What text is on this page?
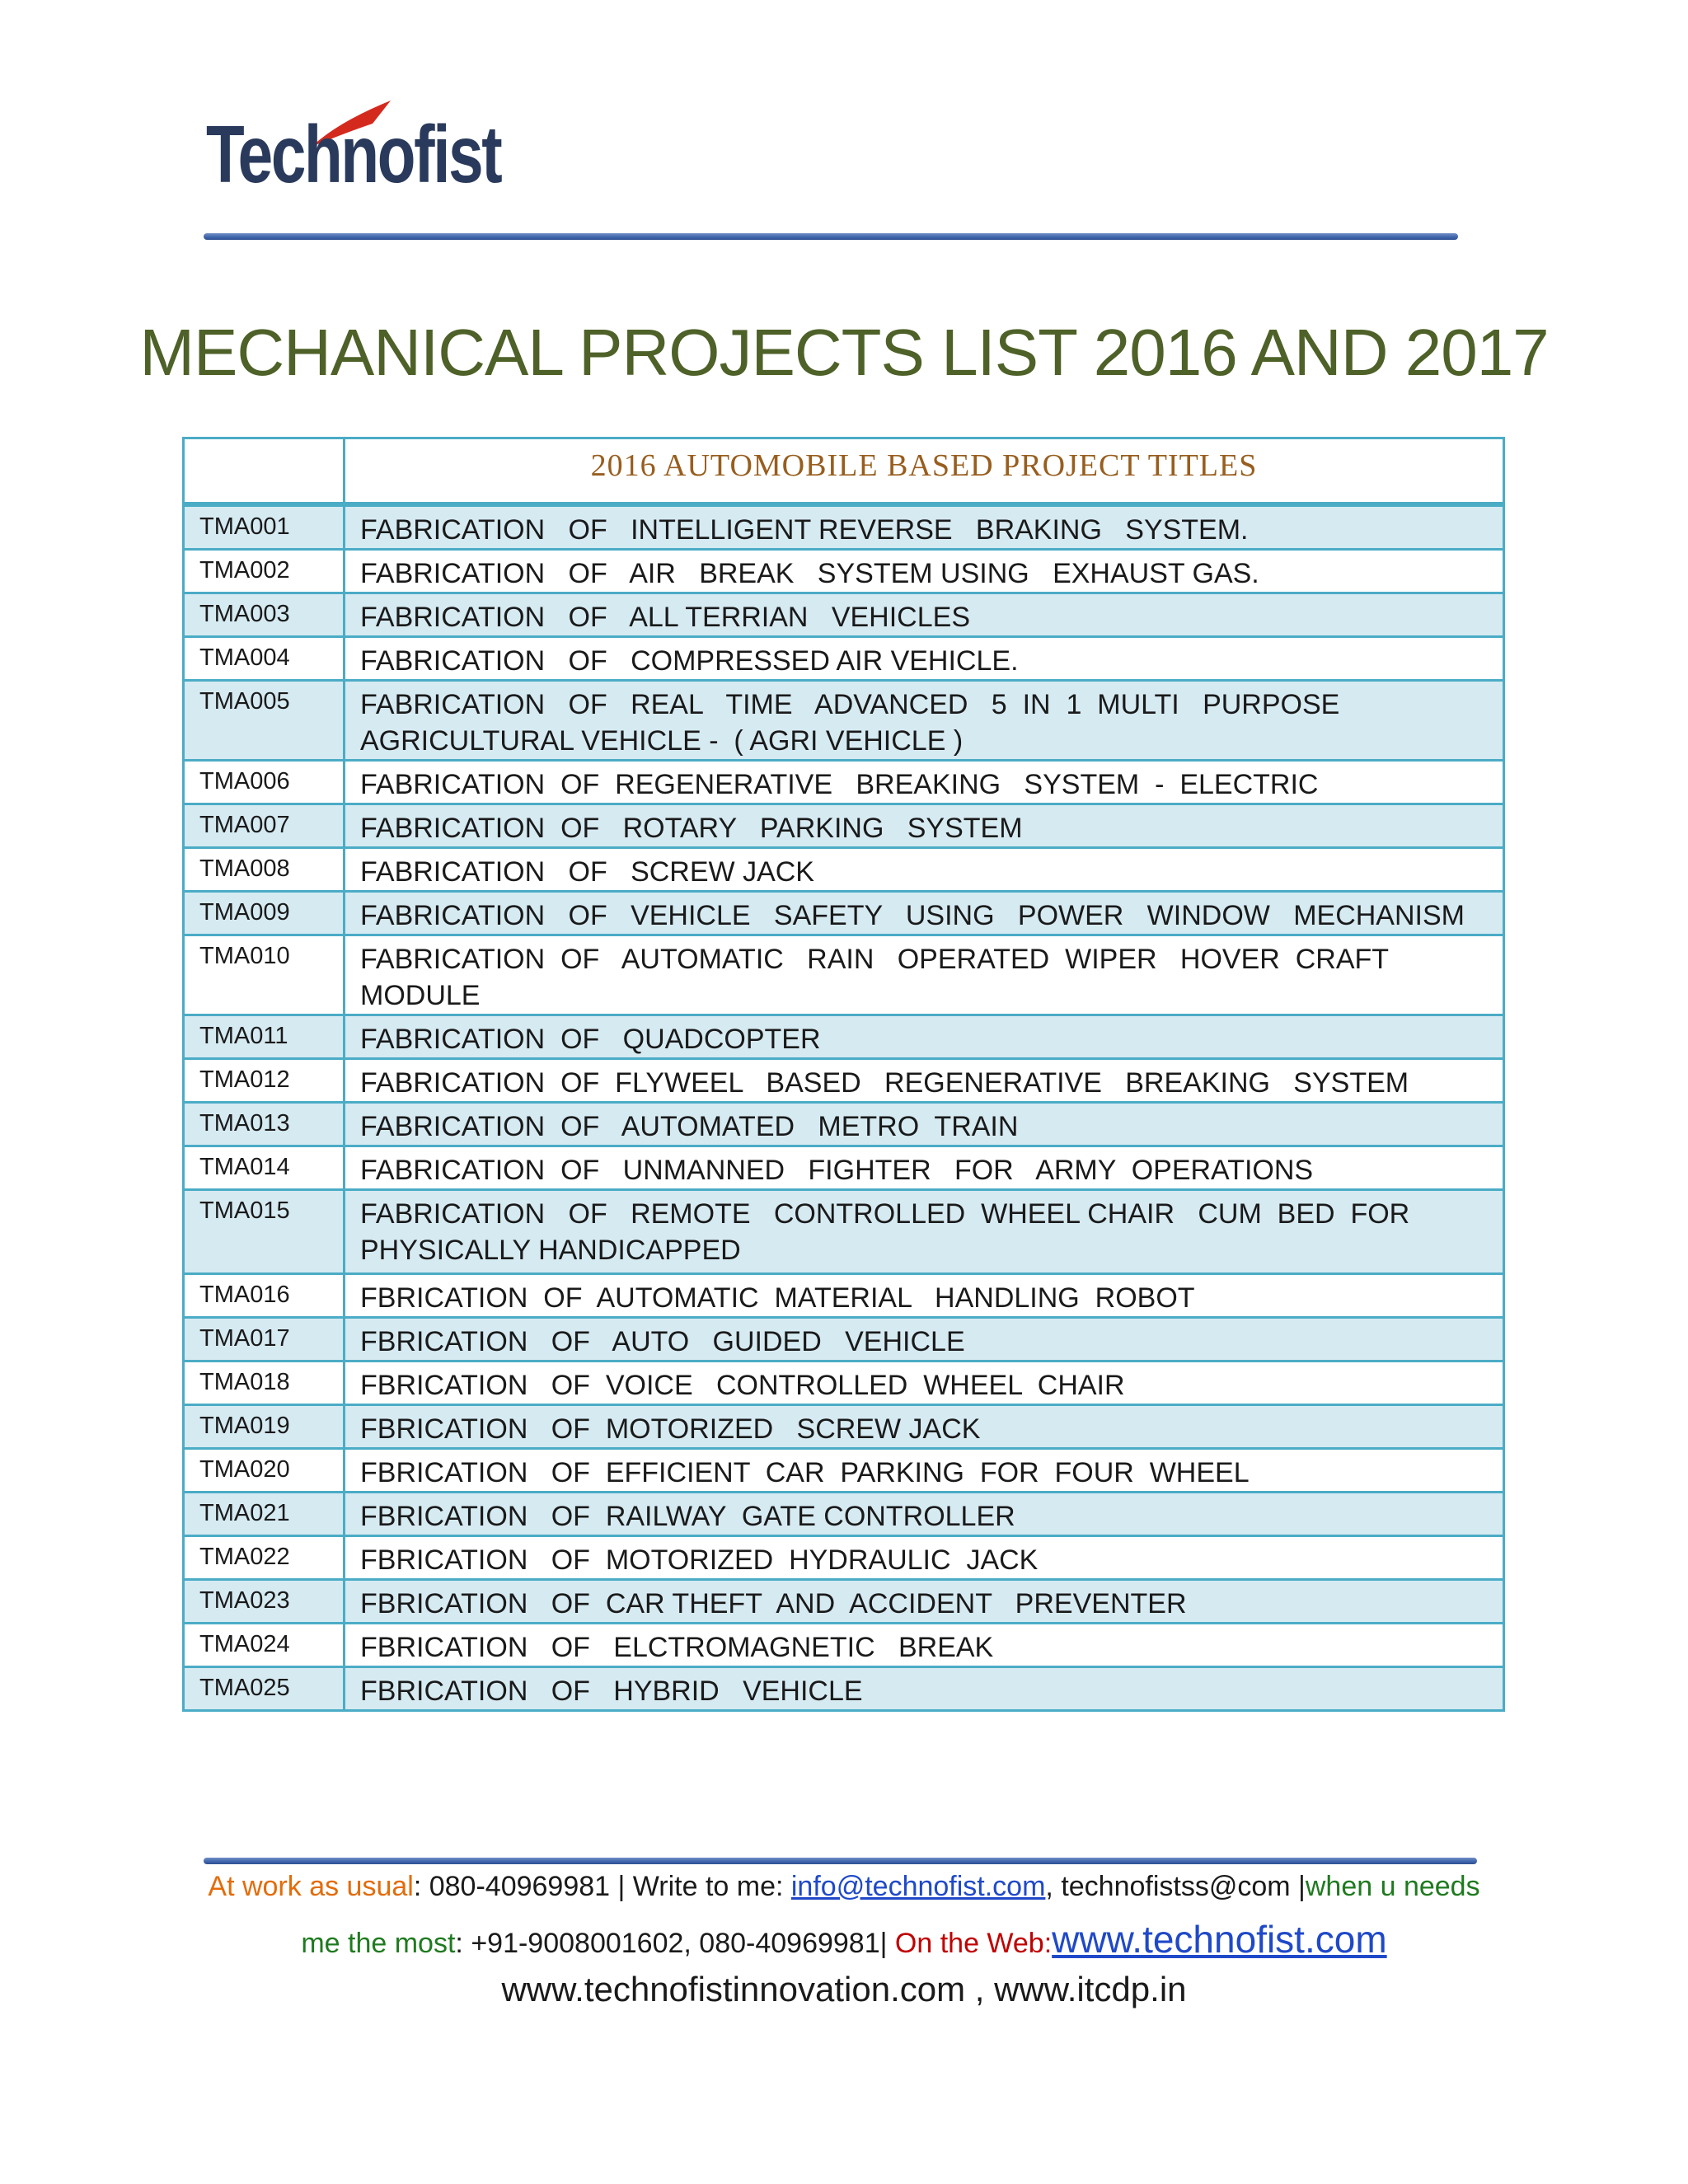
Technofist
MECHANICAL PROJECTS LIST 2016 AND 2017
	2016 AUTOMOBILE BASED PROJECT TITLES
TMA001	FABRICATION   OF   INTELLIGENT REVERSE   BRAKING   SYSTEM.
TMA002	FABRICATION   OF   AIR   BREAK   SYSTEM USING   EXHAUST GAS.
TMA003	FABRICATION   OF   ALL TERRIAN   VEHICLES
TMA004	FABRICATION   OF   COMPRESSED AIR VEHICLE.
TMA005	FABRICATION   OF   REAL   TIME   ADVANCED   5  IN  1  MULTI   PURPOSE   AGRICULTURAL VEHICLE -  ( AGRI VEHICLE )
TMA006	FABRICATION  OF  REGENERATIVE   BREAKING   SYSTEM  -  ELECTRIC
TMA007	FABRICATION  OF   ROTARY   PARKING   SYSTEM
TMA008	FABRICATION   OF   SCREW JACK
TMA009	FABRICATION   OF   VEHICLE   SAFETY   USING   POWER   WINDOW   MECHANISM
TMA010	FABRICATION  OF   AUTOMATIC   RAIN   OPERATED  WIPER   HOVER  CRAFT   MODULE
TMA011	FABRICATION  OF   QUADCOPTER
TMA012	FABRICATION  OF  FLYWEEL   BASED   REGENERATIVE   BREAKING   SYSTEM
TMA013	FABRICATION  OF   AUTOMATED   METRO  TRAIN
TMA014	FABRICATION  OF   UNMANNED   FIGHTER   FOR   ARMY  OPERATIONS
TMA015	FABRICATION   OF   REMOTE   CONTROLLED  WHEEL CHAIR   CUM  BED  FOR  PHYSICALLY HANDICAPPED
TMA016	FBRICATION  OF  AUTOMATIC  MATERIAL   HANDLING  ROBOT
TMA017	FBRICATION   OF   AUTO   GUIDED   VEHICLE
TMA018	FBRICATION   OF  VOICE   CONTROLLED  WHEEL  CHAIR
TMA019	FBRICATION   OF  MOTORIZED   SCREW JACK
TMA020	FBRICATION   OF  EFFICIENT  CAR  PARKING  FOR  FOUR  WHEEL
TMA021	FBRICATION   OF  RAILWAY  GATE CONTROLLER
TMA022	FBRICATION   OF  MOTORIZED  HYDRAULIC  JACK
TMA023	FBRICATION   OF  CAR THEFT  AND  ACCIDENT   PREVENTER
TMA024	FBRICATION   OF   ELCTROMAGNETIC   BREAK
TMA025	FBRICATION   OF   HYBRID   VEHICLE
At work as usual: 080-40969981 | Write to me: info@technofist.com, technofistss@com |when u needs
me the most: +91-9008001602, 080-40969981| On the Web:www.technofist.com
www.technofistinnovation.com , www.itcdp.in
